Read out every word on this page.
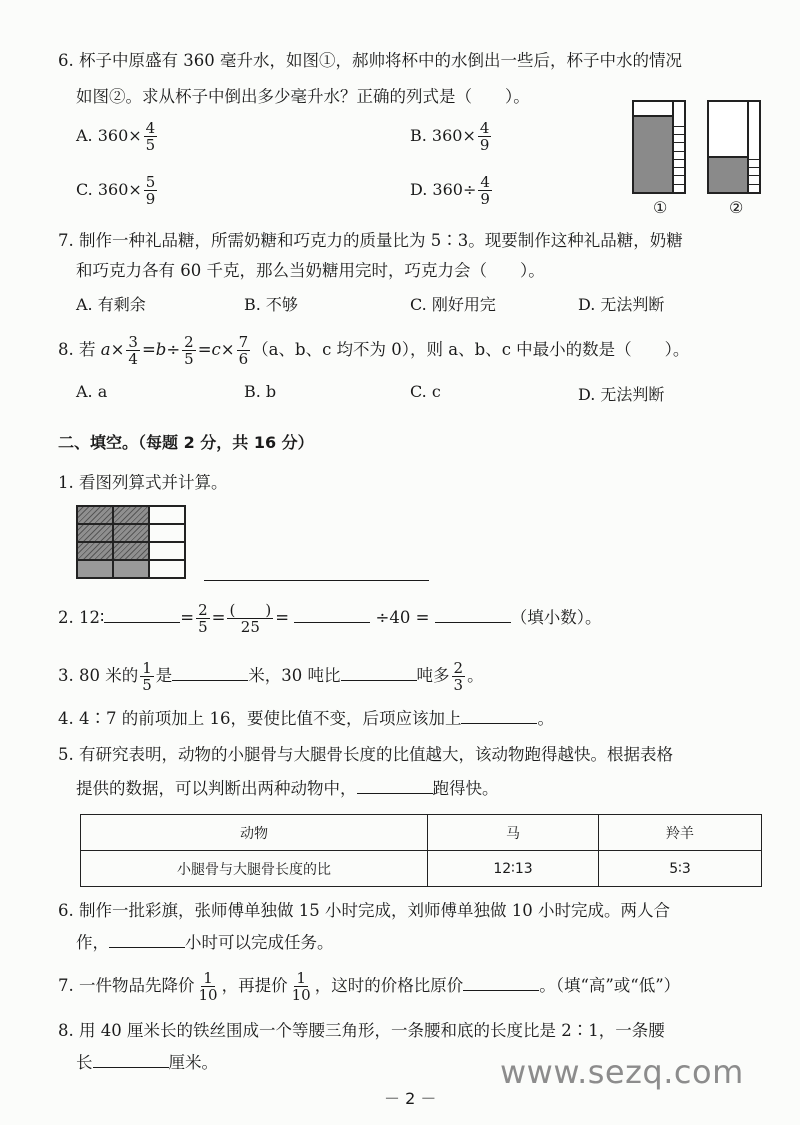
6. 杯子中原盛有 360 毫升水，如图①，郝帅将杯中的水倒出一些后，杯子中水的情况
如图②。求从杯子中倒出多少毫升水？正确的列式是（　　）。
A. $360\times \frac{4}{5}$	B. $360\times \frac{4}{9}$
C. $360\times \frac{5}{9}$	D. $360\div \frac{4}{9}$
①	②
7. 制作一种礼品糖，所需奶糖和巧克力的质量比为 5∶3。现要制作这种礼品糖，奶糖
和巧克力各有 60 千克，那么当奶糖用完时，巧克力会（　　）。
A. 有剩余	B. 不够	C. 刚好用完	D. 无法判断
8. 若 $a\times \frac{3}{4} =b\div \frac{2}{5} =c\times \frac{7}{6} (a$、b、c 均不为 0），则 a、b、c 中最小的数是（　　）。
A. a	B. b	C. c	D. 无法判断
二、填空。（每题 2 分，共 16 分）
1. 看图列算式并计算。
2. 12∶	= $\frac{2}{5} = \frac{( )}{25}$ =	÷40 =	（填小数）。
3. 80 米的 $\frac{1}{5}$ 是	米，30 吨比	吨多 $\frac{2}{3}$ 。
4. 4∶7 的前项加上 16，要使比值不变，后项应该加上	。
5. 有研究表明，动物的小腿骨与大腿骨长度的比值越大，该动物跑得越快。根据表格
提供的数据，可以判断出两种动物中，	跑得快。
动物	马	羚羊
小腿骨与大腿骨长度的比	12∶13	5∶3
6. 制作一批彩旗，张师傅单独做 15 小时完成，刘师傅单独做 10 小时完成。两人合
作，	小时可以完成任务。
7. 一件物品先降价 $\frac{1}{10}$ ，再提价 $\frac{1}{10}$ ，这时的价格比原价	。（填“高”或“低”）
8. 用 40 厘米长的铁丝围成一个等腰三角形，一条腰和底的长度比是 2∶1，一条腰
长	厘米。	www.sezq.com
－ 2 －
